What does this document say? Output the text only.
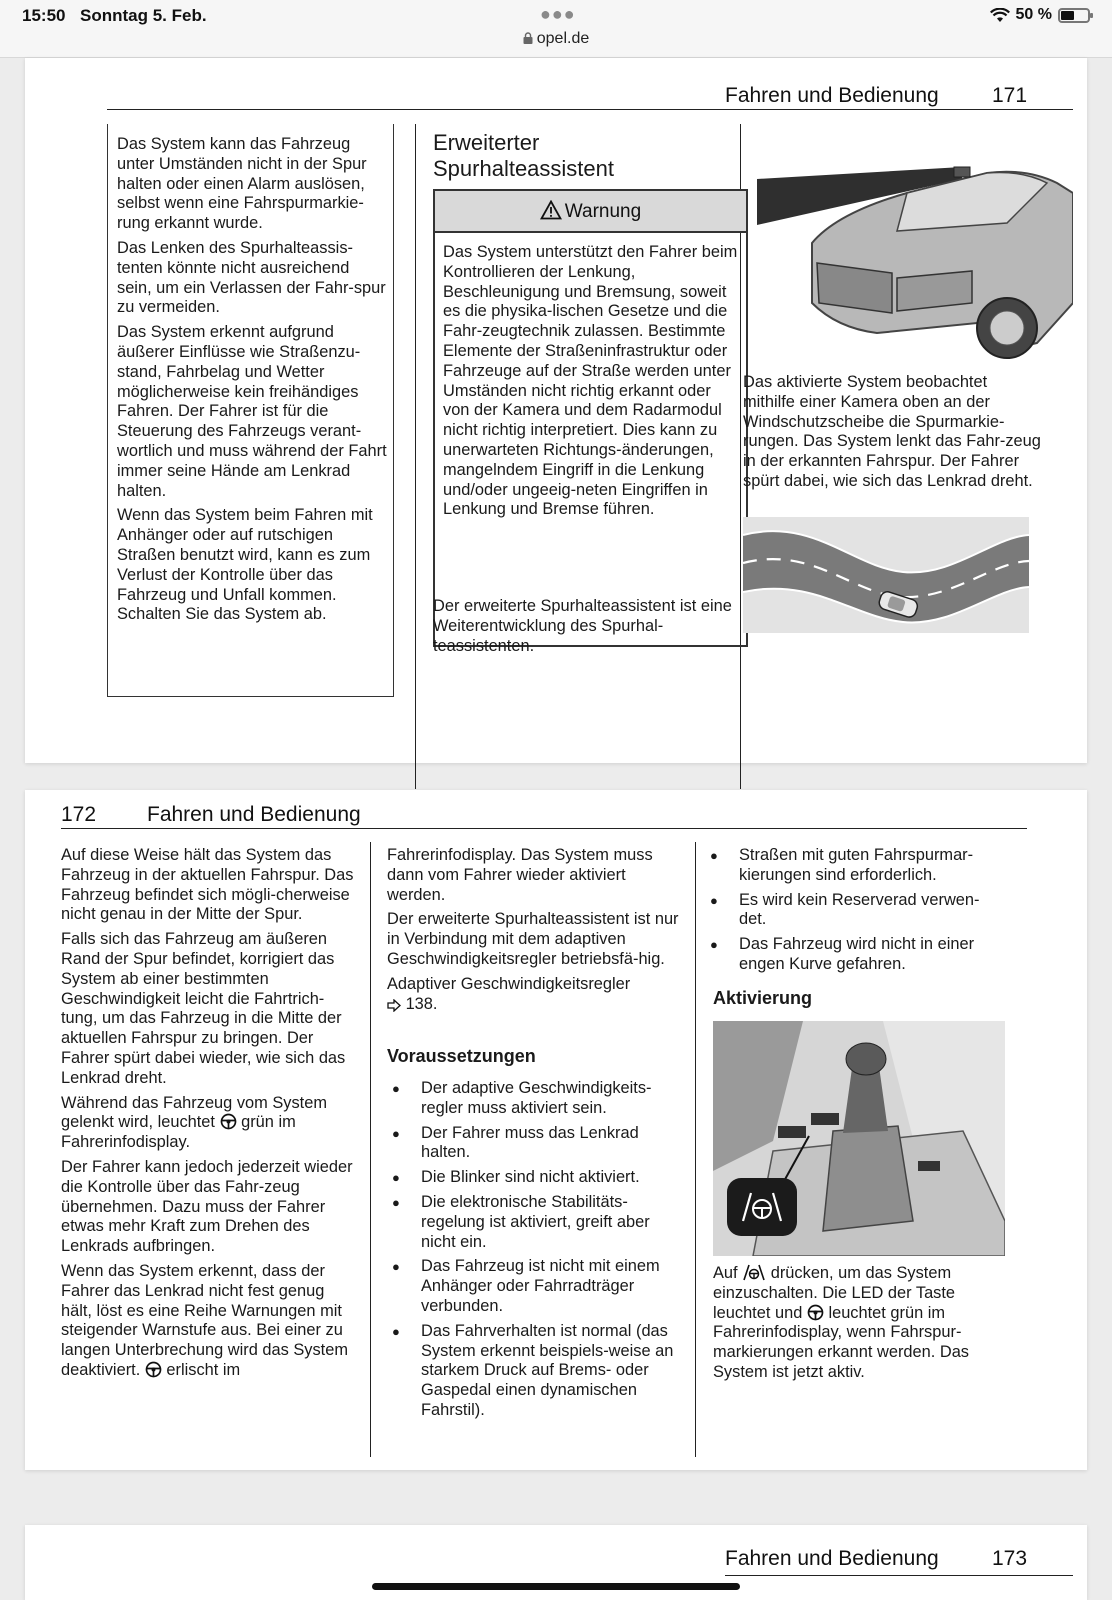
15:50 Sonntag 5. Feb.	●●●
opel.de
50 %
Fahren und Bedienung	171

Das System kann das Fahrzeug unter Umständen nicht in der Spur halten oder einen Alarm auslösen, selbst wenn eine Fahrspurmarkie-rung erkannt wurde.

Das Lenken des Spurhalteassis-tenten könnte nicht ausreichend sein, um ein Verlassen der Fahr-spur zu vermeiden.

Das System erkennt aufgrund äußerer Einflüsse wie Straßenzu-stand, Fahrbelag und Wetter möglicherweise kein freihändiges Fahren. Der Fahrer ist für die Steuerung des Fahrzeugs verant-wortlich und muss während der Fahrt immer seine Hände am Lenkrad halten.

Wenn das System beim Fahren mit Anhänger oder auf rutschigen Straßen benutzt wird, kann es zum Verlust der Kontrolle über das Fahrzeug und Unfall kommen. Schalten Sie das System ab.

Erweiterter Spurhalteassistent
Warnung
Das System unterstützt den Fahrer beim Kontrollieren der Lenkung, Beschleunigung und Bremsung, soweit es die physika-lischen Gesetze und die Fahr-zeugtechnik zulassen. Bestimmte Elemente der Straßeninfrastruktur oder Fahrzeuge auf der Straße werden unter Umständen nicht richtig erkannt oder von der Kamera und dem Radarmodul nicht richtig interpretiert. Dies kann zu unerwarteten Richtungs-änderungen, mangelndem Eingriff in die Lenkung und/oder ungeeig-neten Eingriffen in Lenkung und Bremse führen.
Der erweiterte Spurhalteassistent ist eine Weiterentwicklung des Spurhal-teassistenten.
Das aktivierte System beobachtet mithilfe einer Kamera oben an der Windschutzscheibe die Spurmarkie-rungen. Das System lenkt das Fahr-zeug in der erkannten Fahrspur. Der Fahrer spürt dabei, wie sich das Lenkrad dreht.
172 Fahren und Bedienung

Auf diese Weise hält das System das Fahrzeug in der aktuellen Fahrspur. Das Fahrzeug befindet sich mögli-cherweise nicht genau in der Mitte der Spur.

Falls sich das Fahrzeug am äußeren Rand der Spur befindet, korrigiert das System ab einer bestimmten Geschwindigkeit leicht die Fahrtrich-tung, um das Fahrzeug in die Mitte der aktuellen Fahrspur zu bringen. Der Fahrer spürt dabei wieder, wie sich das Lenkrad dreht.

Während das Fahrzeug vom System gelenkt wird, leuchtet grün im Fahrerinfodisplay.

Der Fahrer kann jedoch jederzeit wieder die Kontrolle über das Fahr-zeug übernehmen. Dazu muss der Fahrer etwas mehr Kraft zum Drehen des Lenkrads aufbringen.

Wenn das System erkennt, dass der Fahrer das Lenkrad nicht fest genug hält, löst es eine Reihe Warnungen mit steigender Warnstufe aus. Bei einer zu langen Unterbrechung wird das System deaktiviert. erlischt im

Fahrerinfodisplay. Das System muss dann vom Fahrer wieder aktiviert werden.

Der erweiterte Spurhalteassistent ist nur in Verbindung mit dem adaptiven Geschwindigkeitsregler betriebsfä-hig.

Adaptiver Geschwindigkeitsregler
138.

Voraussetzungen
● Der adaptive Geschwindigkeits-regler muss aktiviert sein.
● Der Fahrer muss das Lenkrad halten.
● Die Blinker sind nicht aktiviert.
● Die elektronische Stabilitäts-regelung ist aktiviert, greift aber nicht ein.
● Das Fahrzeug ist nicht mit einem Anhänger oder Fahrradträger verbunden.
● Das Fahrverhalten ist normal (das System erkennt beispiels-weise an starkem Druck auf Brems- oder Gaspedal einen dynamischen Fahrstil).
● Straßen mit guten Fahrspurmar-kierungen sind erforderlich.
● Es wird kein Reserverad verwen-det.
● Das Fahrzeug wird nicht in einer engen Kurve gefahren.
Aktivierung
Auf drücken, um das System einzuschalten. Die LED der Taste leuchtet und leuchtet grün im Fahrerinfodisplay, wenn Fahrspur-markierungen erkannt werden. Das System ist jetzt aktiv.
Fahren und Bedienung	173
